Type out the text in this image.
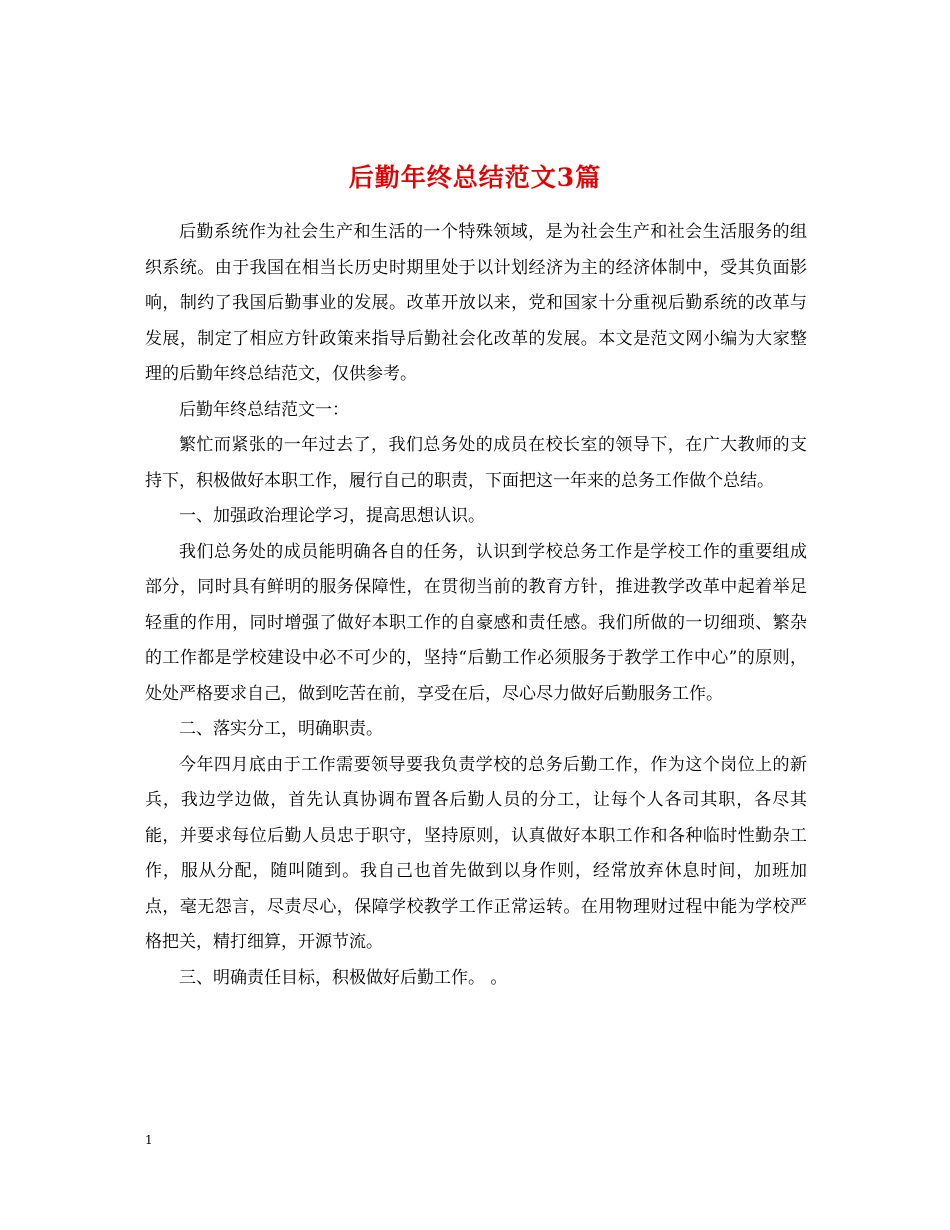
后勤年终总结范文3篇

后勤系统作为社会生产和生活的一个特殊领域，是为社会生产和社会生活服务的组织系统。由于我国在相当长历史时期里处于以计划经济为主的经济体制中，受其负面影响，制约了我国后勤事业的发展。改革开放以来，党和国家十分重视后勤系统的改革与发展，制定了相应方针政策来指导后勤社会化改革的发展。本文是范文网小编为大家整理的后勤年终总结范文，仅供参考。

后勤年终总结范文一：

繁忙而紧张的一年过去了，我们总务处的成员在校长室的领导下，在广大教师的支持下，积极做好本职工作，履行自己的职责，下面把这一年来的总务工作做个总结。

一、加强政治理论学习，提高思想认识。

我们总务处的成员能明确各自的任务，认识到学校总务工作是学校工作的重要组成部分，同时具有鲜明的服务保障性，在贯彻当前的教育方针，推进教学改革中起着举足轻重的作用，同时增强了做好本职工作的自豪感和责任感。我们所做的一切细琐、繁杂的工作都是学校建设中必不可少的，坚持“后勤工作必须服务于教学工作中心”的原则，处处严格要求自己，做到吃苦在前，享受在后，尽心尽力做好后勤服务工作。

二、落实分工，明确职责。

今年四月底由于工作需要领导要我负责学校的总务后勤工作，作为这个岗位上的新兵，我边学边做，首先认真协调布置各后勤人员的分工，让每个人各司其职，各尽其能，并要求每位后勤人员忠于职守，坚持原则，认真做好本职工作和各种临时性勤杂工作，服从分配，随叫随到。我自己也首先做到以身作则，经常放弃休息时间，加班加点，毫无怨言，尽责尽心，保障学校教学工作正常运转。在用物理财过程中能为学校严格把关，精打细算，开源节流。

三、明确责任目标，积极做好后勤工作。 。

1
